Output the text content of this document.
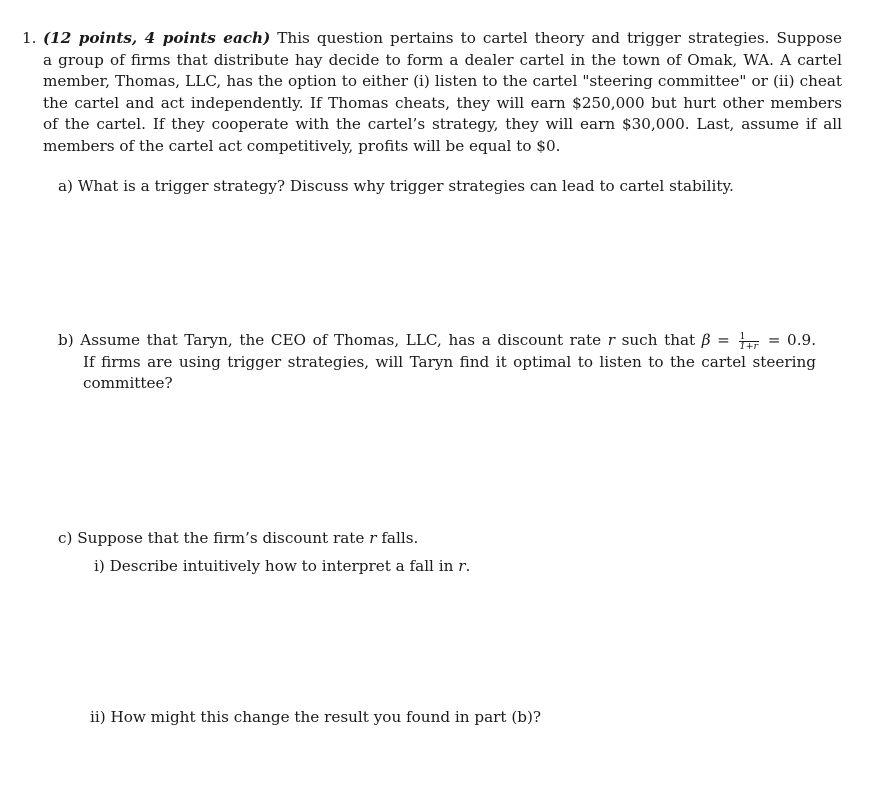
1. (12 points, 4 points each) This question pertains to cartel theory and trigger strategies. Suppose
a group of firms that distribute hay decide to form a dealer cartel in the town of Omak, WA. A cartel
member, Thomas, LLC, has the option to either (i) listen to the cartel "steering committee" or (ii) cheat
the cartel and act independently. If Thomas cheats, they will earn $250,000 but hurt other members
of the cartel. If they cooperate with the cartel’s strategy, they will earn $30,000. Last, assume if all
members of the cartel act competitively, profits will be equal to $0.
a) What is a trigger strategy? Discuss why trigger strategies can lead to cartel stability.
b) Assume that Taryn, the CEO of Thomas, LLC, has a discount rate r such that $\beta = \frac{1}{1+r} = 0.9$.
If firms are using trigger strategies, will Taryn find it optimal to listen to the cartel steering
committee?
c) Suppose that the firm’s discount rate r falls.
i) Describe intuitively how to interpret a fall in r.
ii) How might this change the result you found in part (b)?
